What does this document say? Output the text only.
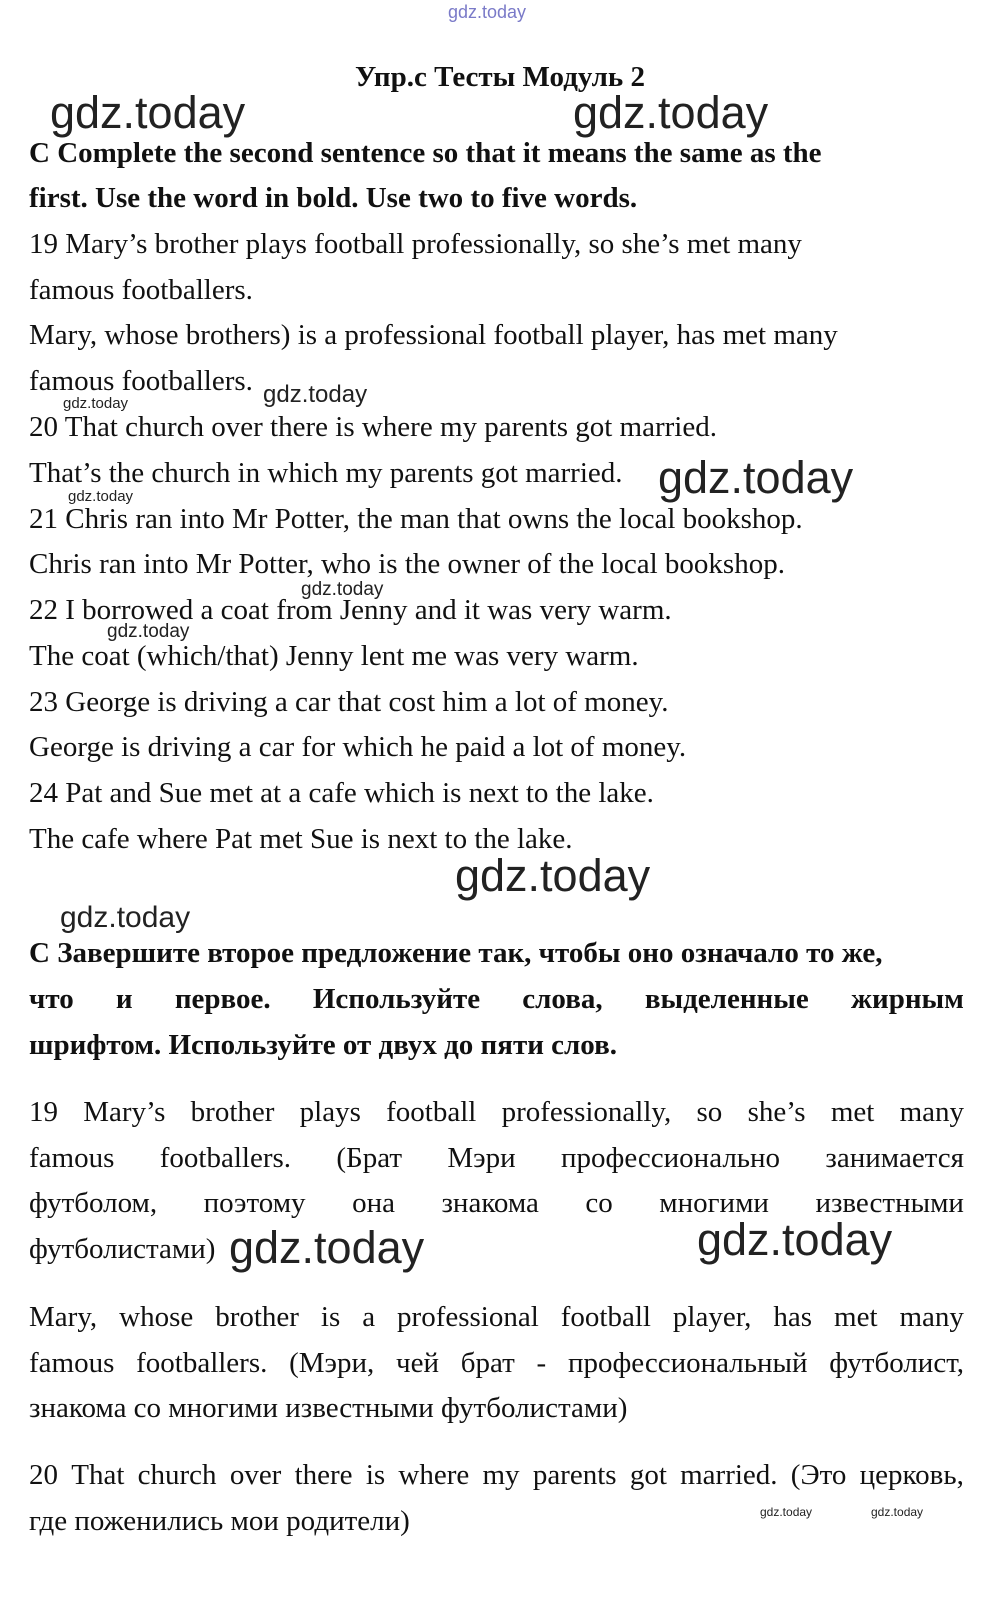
gdz.today
gdz.today	gdz.today
gdz.today
gdz.today
gdz.today
gdz.today
gdz.today
gdz.today
gdz.today
gdz.today
gdz.today	gdz.today
gdz.today	gdz.today
Упр.c Тесты Модуль 2
C Complete the second sentence so that it means the same as the
first. Use the word in bold. Use two to five words.
19 Mary’s brother plays football professionally, so she’s met many
famous footballers.
Mary, whose brothers) is a professional football player, has met many
famous footballers.
20 That church over there is where my parents got married.
That’s the church in which my parents got married.
21 Chris ran into Mr Potter, the man that owns the local bookshop.
Chris ran into Mr Potter, who is the owner of the local bookshop.
22 I borrowed a coat from Jenny and it was very warm.
The coat (which/that) Jenny lent me was very warm.
23 George is driving a car that cost him a lot of money.
George is driving a car for which he paid a lot of money.
24 Pat and Sue met at a cafe which is next to the lake.
The cafe where Pat met Sue is next to the lake.
C Завершите второе предложение так, чтобы оно означало то же,
что и первое. Используйте слова, выделенные жирным
шрифтом. Используйте от двух до пяти слов.
19 Mary’s brother plays football professionally, so she’s met many
famous footballers. (Брат Мэри профессионально занимается
футболом, поэтому она знакома со многими известными
футболистами)
Mary, whose brother is a professional football player, has met many
famous footballers. (Мэри, чей брат - профессиональный футболист,
знакома со многими известными футболистами)
20 That church over there is where my parents got married. (Это церковь,
где поженились мои родители)
